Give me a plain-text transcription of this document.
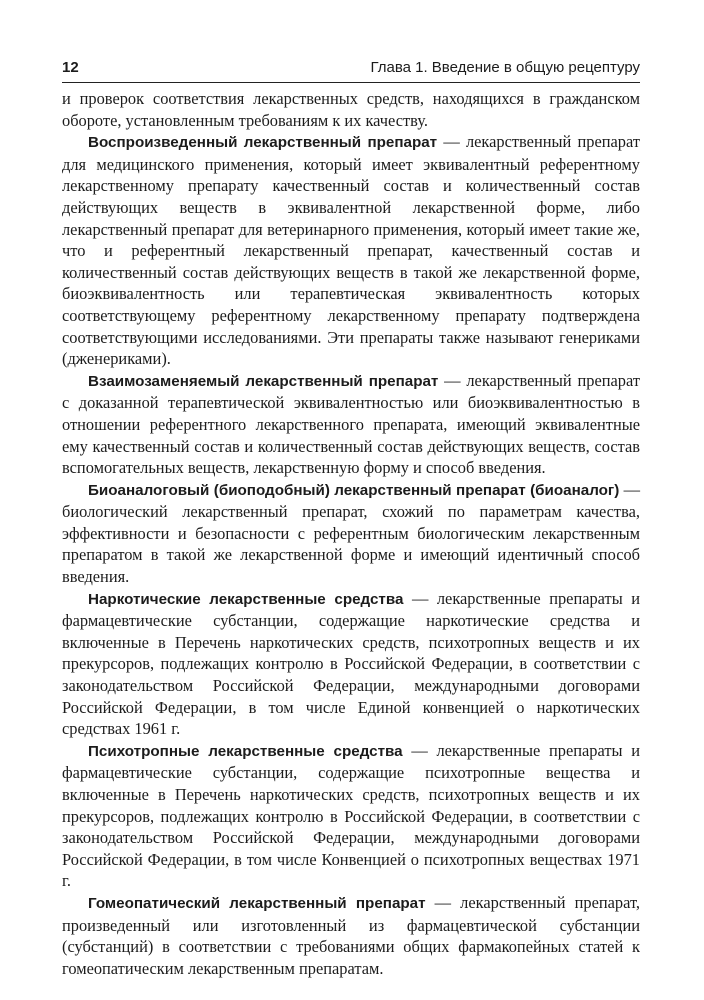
12	Глава 1. Введение в общую рецептуру

и проверок соответствия лекарственных средств, находящихся в гражданском обороте, установленным требованиям к их качеству.

Воспроизведенный лекарственный препарат — лекарственный препарат для медицинского применения, который имеет эквивалентный референтному лекарственному препарату качественный состав и количественный состав действующих веществ в эквивалентной лекарственной форме, либо лекарственный препарат для ветеринарного применения, который имеет такие же, что и референтный лекарственный препарат, качественный состав и количественный состав действующих веществ в такой же лекарственной форме, биоэквивалентность или терапевтическая эквивалентность которых соответствующему референтному лекарственному препарату подтверждена соответствующими исследованиями. Эти препараты также называют генериками (дженериками).

Взаимозаменяемый лекарственный препарат — лекарственный препарат с доказанной терапевтической эквивалентностью или биоэквивалентностью в отношении референтного лекарственного препарата, имеющий эквивалентные ему качественный состав и количественный состав действующих веществ, состав вспомогательных веществ, лекарственную форму и способ введения.

Биоаналоговый (биоподобный) лекарственный препарат (биоаналог) — биологический лекарственный препарат, схожий по параметрам качества, эффективности и безопасности с референтным биологическим лекарственным препаратом в такой же лекарственной форме и имеющий идентичный способ введения.

Наркотические лекарственные средства — лекарственные препараты и фармацевтические субстанции, содержащие наркотические средства и включенные в Перечень наркотических средств, психотропных веществ и их прекурсоров, подлежащих контролю в Российской Федерации, в соответствии с законодательством Российской Федерации, международными договорами Российской Федерации, в том числе Единой конвенцией о наркотических средствах 1961 г.

Психотропные лекарственные средства — лекарственные препараты и фармацевтические субстанции, содержащие психотропные вещества и включенные в Перечень наркотических средств, психотропных веществ и их прекурсоров, подлежащих контролю в Российской Федерации, в соответствии с законодательством Российской Федерации, международными договорами Российской Федерации, в том числе Конвенцией о психотропных веществах 1971 г.

Гомеопатический лекарственный препарат — лекарственный препарат, произведенный или изготовленный из фармацевтической субстанции (субстанций) в соответствии с требованиями общих фармакопейных статей к гомеопатическим лекарственным препаратам.
